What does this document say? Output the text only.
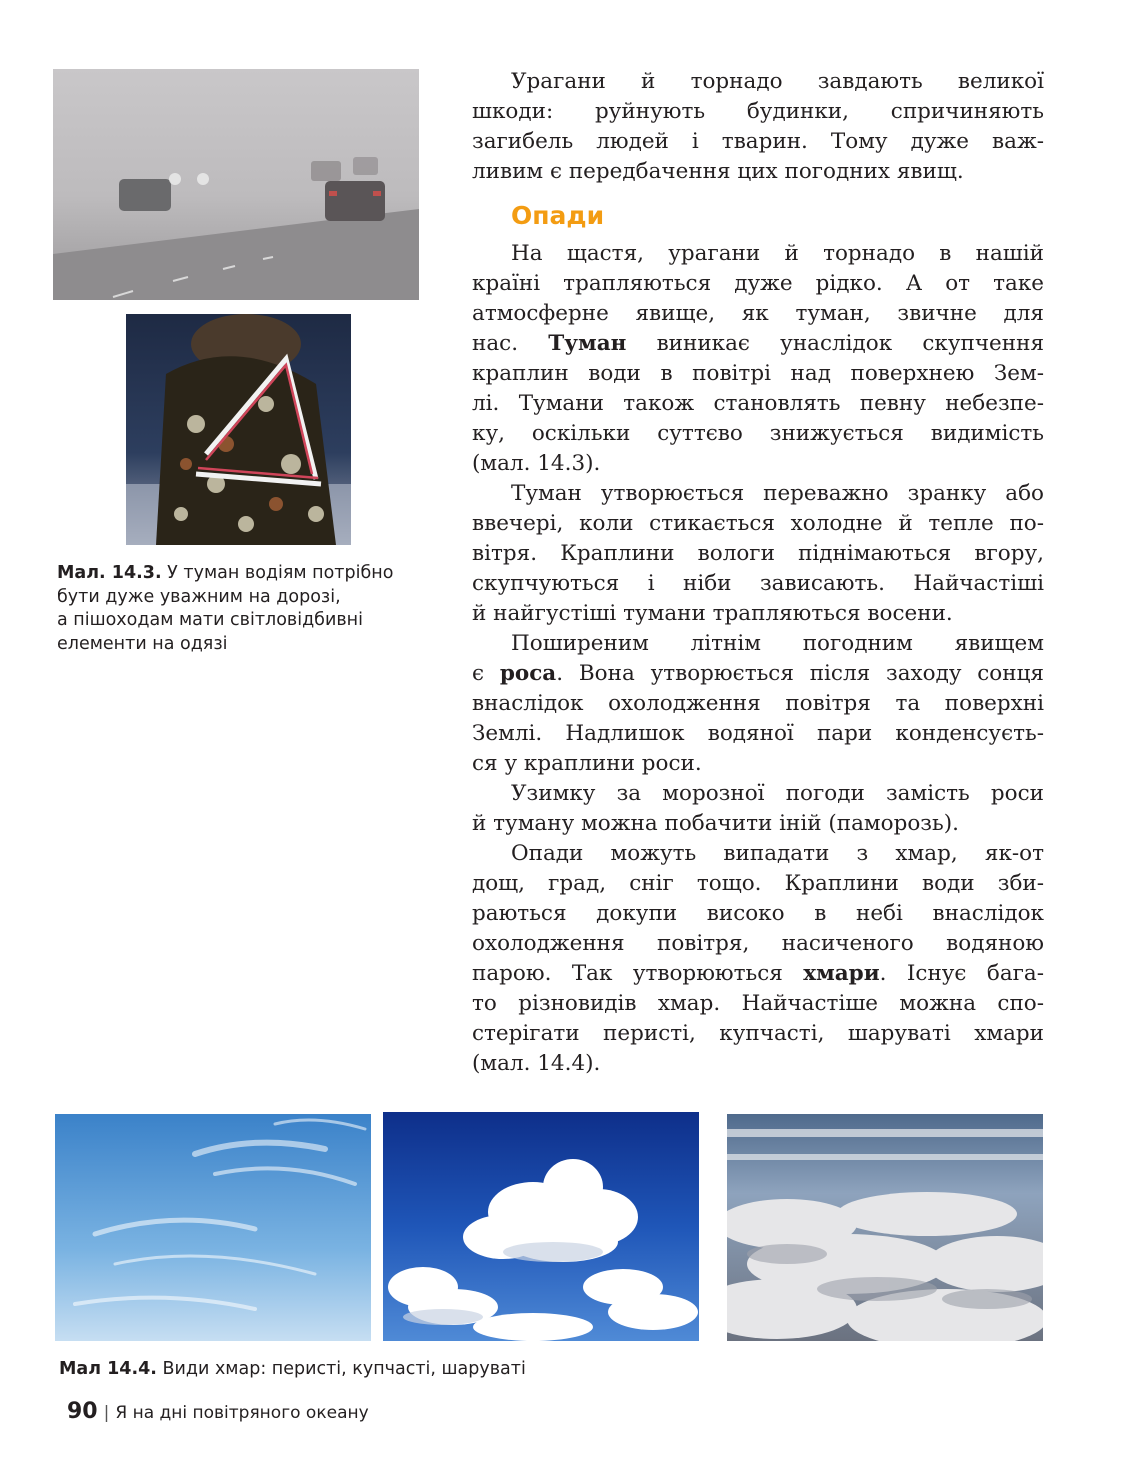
Мал. 14.3. У туман водіям потрібно
бути дуже уважним на дорозі,
а пішоходам мати світловідбивні
елементи на одязі
Урагани й торнадо завдають великої
шкоди: руйнують будинки, спричиняють
загибель людей і тварин. Тому дуже важ-
ливим є передбачення цих погодних явищ.
Опади
На щастя, урагани й торнадо в нашій
країні трапляються дуже рідко. А от таке
атмосферне явище, як туман, звичне для
нас. Туман виникає унаслідок скупчення
краплин води в повітрі над поверхнею Зем-
лі. Тумани також становлять певну небезпе-
ку, оскільки суттєво знижується видимість
(мал. 14.3).
Туман утворюється переважно зранку або
ввечері, коли стикається холодне й тепле по-
вітря. Краплини вологи піднімаються вгору,
скупчуються і ніби зависають. Найчастіші
й найгустіші тумани трапляються восени.
Поширеним літнім погодним явищем
є роса. Вона утворюється після заходу сонця
внаслідок охолодження повітря та поверхні
Землі. Надлишок водяної пари конденсуєть-
ся у краплини роси.
Узимку за морозної погоди замість роси
й туману можна побачити іній (паморозь).
Опади можуть випадати з хмар, як-от
дощ, град, сніг тощо. Краплини води зби-
раються докупи високо в небі внаслідок
охолодження повітря, насиченого водяною
парою. Так утворюються хмари. Існує бага-
то різновидів хмар. Найчастіше можна спо-
стерігати перисті, купчасті, шаруваті хмари
(мал. 14.4).
Мал 14.4. Види хмар: перисті, купчасті, шаруваті
90 | Я на дні повітряного океану
